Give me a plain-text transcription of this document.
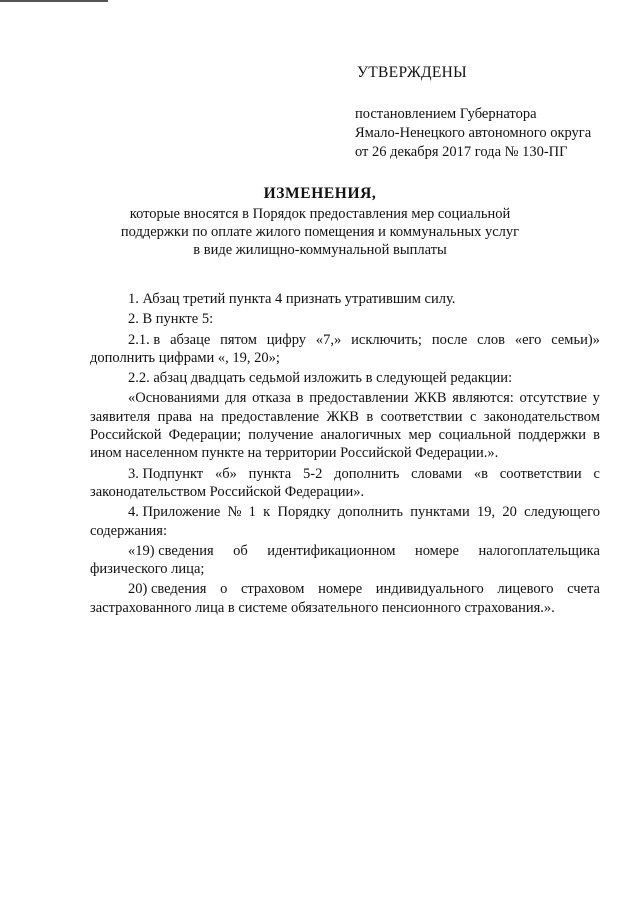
УТВЕРЖДЕНЫ
постановлением Губернатора
Ямало-Ненецкого автономного округа
от 26 декабря 2017 года № 130-ПГ
ИЗМЕНЕНИЯ,
которые вносятся в Порядок предоставления мер социальной
поддержки по оплате жилого помещения и коммунальных услуг
в виде жилищно-коммунальной выплаты
1. Абзац третий пункта 4 признать утратившим силу.
2. В пункте 5:
2.1. в абзаце пятом цифру «7,» исключить; после слов «его семьи)»
дополнить цифрами «, 19, 20»;
2.2. абзац двадцать седьмой изложить в следующей редакции:
«Основаниями для отказа в предоставлении ЖКВ являются: отсутствие у
заявителя права на предоставление ЖКВ в соответствии с законодательством
Российской Федерации; получение аналогичных мер социальной поддержки в
ином населенном пункте на территории Российской Федерации.».
3. Подпункт «б» пункта 5-2 дополнить словами «в соответствии с
законодательством Российской Федерации».
4. Приложение № 1 к Порядку дополнить пунктами 19, 20 следующего
содержания:
«19) сведения об идентификационном номере налогоплательщика
физического лица;
20) сведения о страховом номере индивидуального лицевого счета
застрахованного лица в системе обязательного пенсионного страхования.».
